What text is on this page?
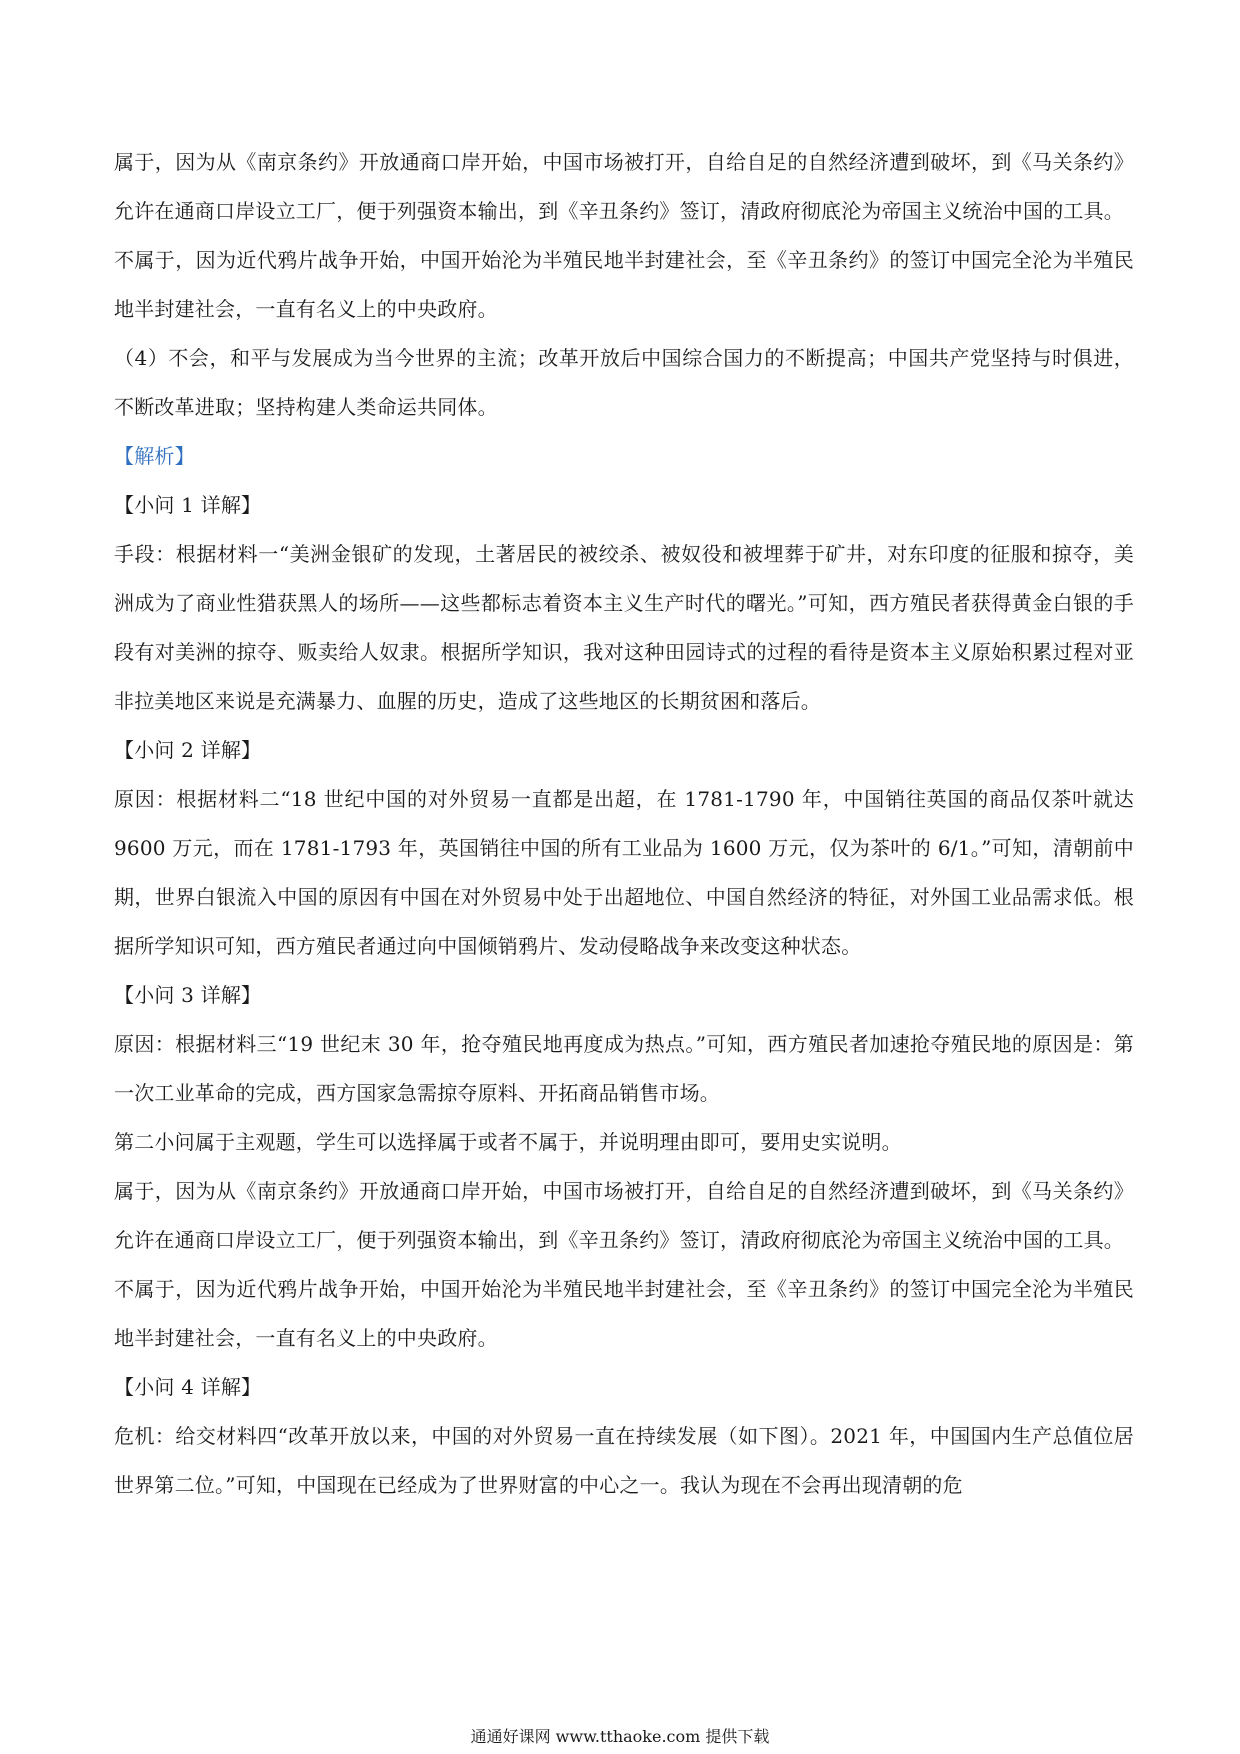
属于，因为从《南京条约》开放通商口岸开始，中国市场被打开，自给自足的自然经济遭到破坏，到《马关条约》允许在通商口岸设立工厂，便于列强资本输出，到《辛丑条约》签订，清政府彻底沦为帝国主义统治中国的工具。

不属于，因为近代鸦片战争开始，中国开始沦为半殖民地半封建社会，至《辛丑条约》的签订中国完全沦为半殖民地半封建社会，一直有名义上的中央政府。

（4）不会，和平与发展成为当今世界的主流；改革开放后中国综合国力的不断提高；中国共产党坚持与时俱进，不断改革进取；坚持构建人类命运共同体。

【解析】

【小问 1 详解】

手段：根据材料一“美洲金银矿的发现，土著居民的被绞杀、被奴役和被埋葬于矿井，对东印度的征服和掠夺，美洲成为了商业性猎获黑人的场所——这些都标志着资本主义生产时代的曙光。”可知，西方殖民者获得黄金白银的手段有对美洲的掠夺、贩卖给人奴隶。根据所学知识，我对这种田园诗式的过程的看待是资本主义原始积累过程对亚非拉美地区来说是充满暴力、血腥的历史，造成了这些地区的长期贫困和落后。

【小问 2 详解】

原因：根据材料二“18 世纪中国的对外贸易一直都是出超，在 1781-1790 年，中国销往英国的商品仅茶叶就达 9600 万元，而在 1781-1793 年，英国销往中国的所有工业品为 1600 万元，仅为茶叶的 6/1。”可知，清朝前中期，世界白银流入中国的原因有中国在对外贸易中处于出超地位、中国自然经济的特征，对外国工业品需求低。根据所学知识可知，西方殖民者通过向中国倾销鸦片、发动侵略战争来改变这种状态。

【小问 3 详解】

原因：根据材料三“19 世纪末 30 年，抢夺殖民地再度成为热点。”可知，西方殖民者加速抢夺殖民地的原因是：第一次工业革命的完成，西方国家急需掠夺原料、开拓商品销售市场。

第二小问属于主观题，学生可以选择属于或者不属于，并说明理由即可，要用史实说明。

属于，因为从《南京条约》开放通商口岸开始，中国市场被打开，自给自足的自然经济遭到破坏，到《马关条约》允许在通商口岸设立工厂，便于列强资本输出，到《辛丑条约》签订，清政府彻底沦为帝国主义统治中国的工具。

不属于，因为近代鸦片战争开始，中国开始沦为半殖民地半封建社会，至《辛丑条约》的签订中国完全沦为半殖民地半封建社会，一直有名义上的中央政府。

【小问 4 详解】

危机：给交材料四“改革开放以来，中国的对外贸易一直在持续发展（如下图）。2021 年，中国国内生产总值位居世界第二位。”可知，中国现在已经成为了世界财富的中心之一。我认为现在不会再出现清朝的危

通通好课网 www.tthaoke.com 提供下载
